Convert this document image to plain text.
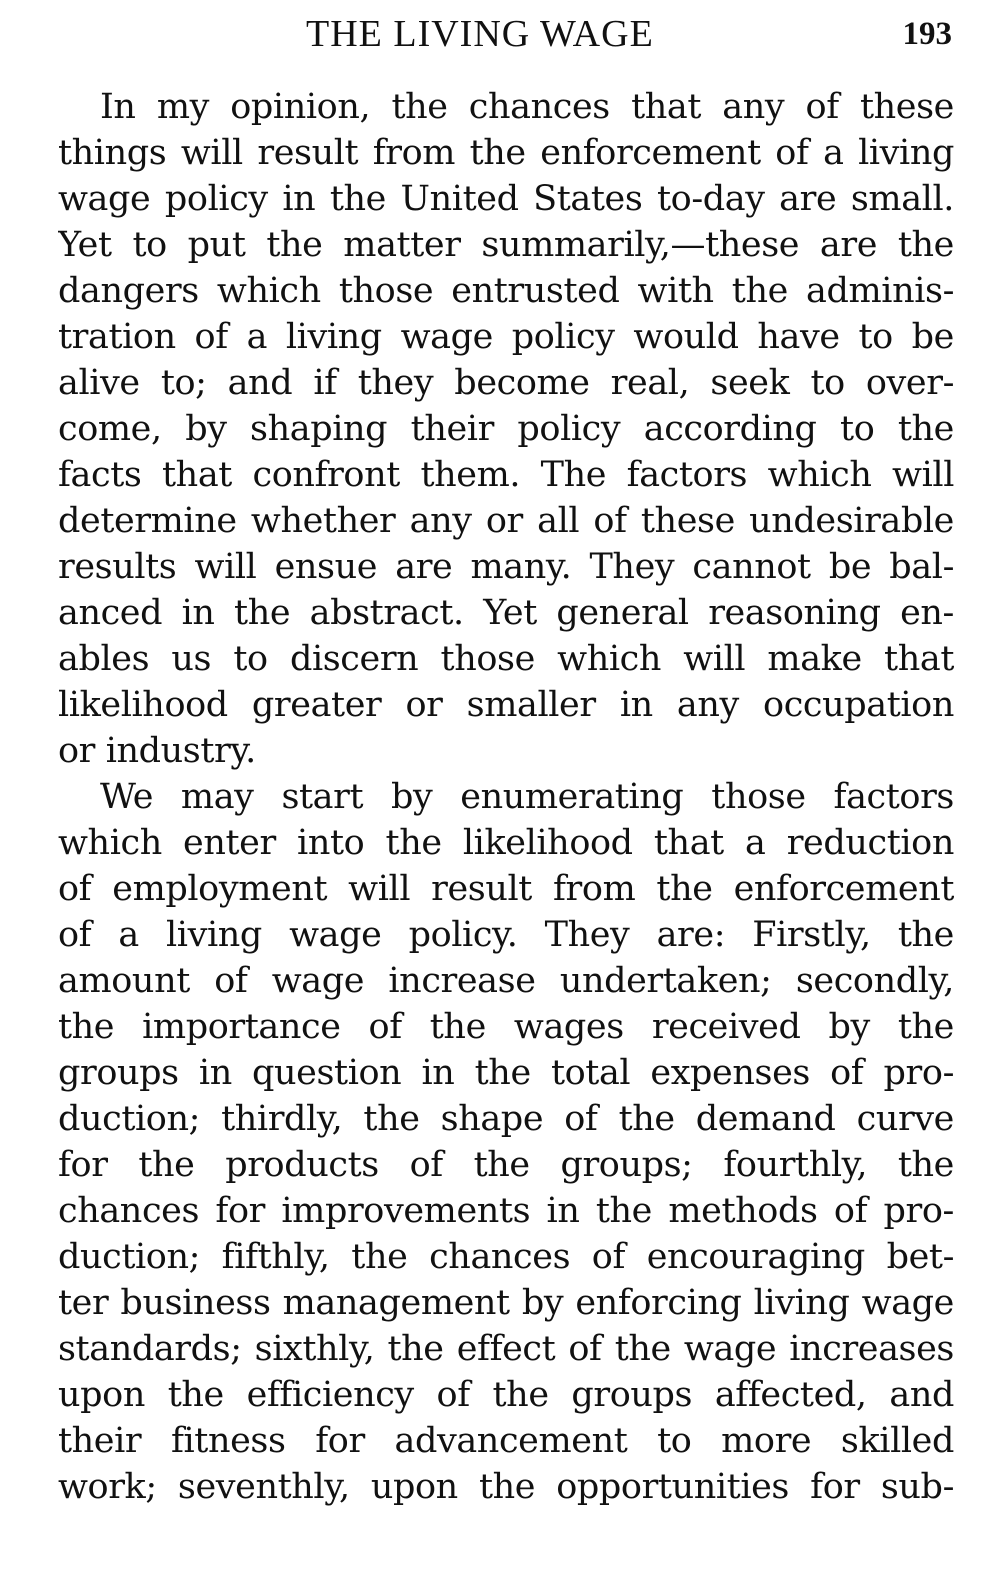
THE LIVING WAGE	193
In my opinion, the chances that any of these
things will result from the enforcement of a living
wage policy in the United States to-day are small.
Yet to put the matter summarily,—these are the
dangers which those entrusted with the adminis-
tration of a living wage policy would have to be
alive to; and if they become real, seek to over-
come, by shaping their policy according to the
facts that confront them. The factors which will
determine whether any or all of these undesirable
results will ensue are many. They cannot be bal-
anced in the abstract. Yet general reasoning en-
ables us to discern those which will make that
likelihood greater or smaller in any occupation
or industry.
We may start by enumerating those factors
which enter into the likelihood that a reduction
of employment will result from the enforcement
of a living wage policy. They are: Firstly, the
amount of wage increase undertaken; secondly,
the importance of the wages received by the
groups in question in the total expenses of pro-
duction; thirdly, the shape of the demand curve
for the products of the groups; fourthly, the
chances for improvements in the methods of pro-
duction; fifthly, the chances of encouraging bet-
ter business management by enforcing living wage
standards; sixthly, the effect of the wage increases
upon the efficiency of the groups affected, and
their fitness for advancement to more skilled
work; seventhly, upon the opportunities for sub-
